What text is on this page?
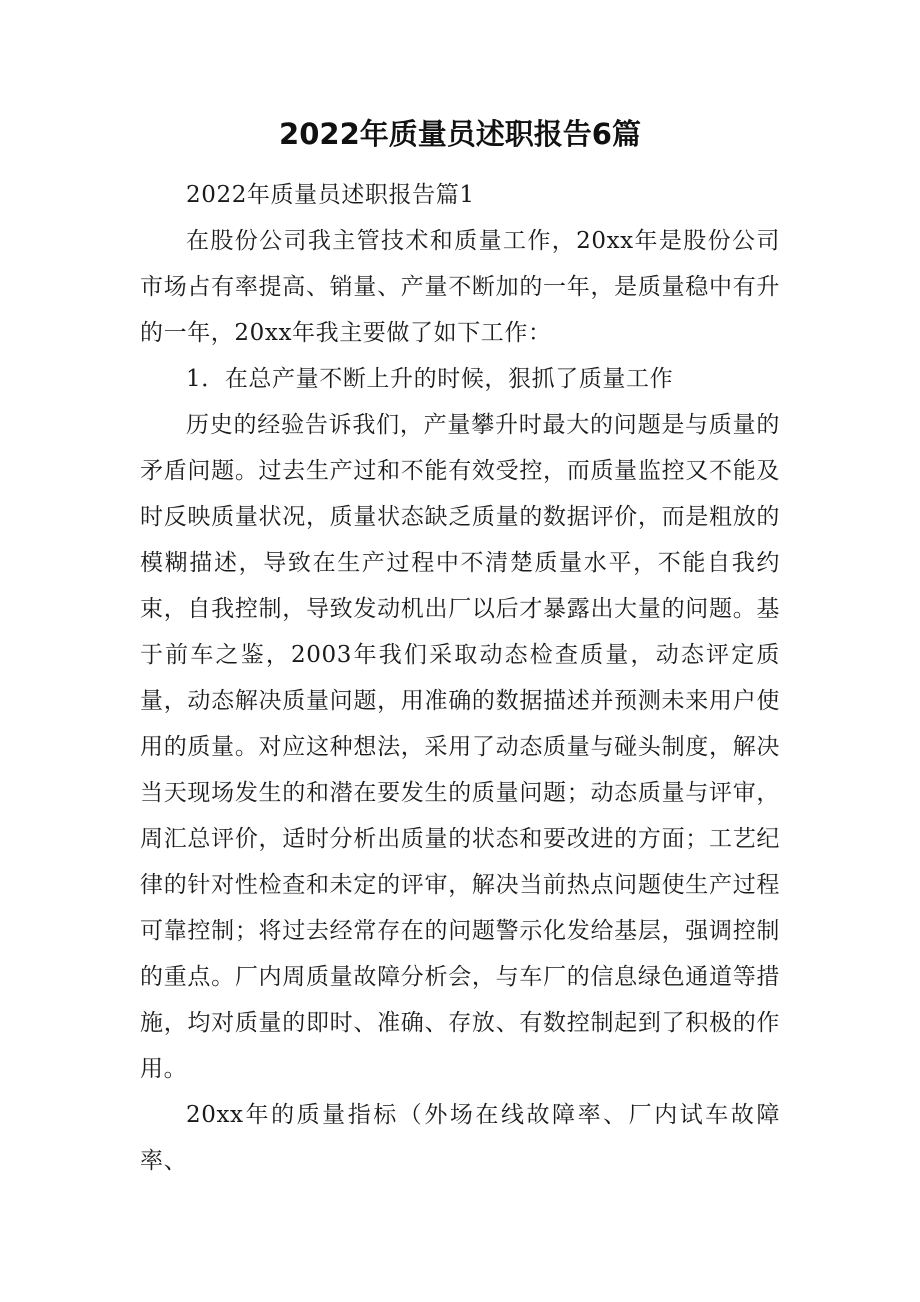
2022年质量员述职报告6篇

2022年质量员述职报告篇1

在股份公司我主管技术和质量工作，20xx年是股份公司市场占有率提高、销量、产量不断加的一年，是质量稳中有升的一年，20xx年我主要做了如下工作：

1．在总产量不断上升的时候，狠抓了质量工作

历史的经验告诉我们，产量攀升时最大的问题是与质量的矛盾问题。过去生产过和不能有效受控，而质量监控又不能及时反映质量状况，质量状态缺乏质量的数据评价，而是粗放的模糊描述，导致在生产过程中不清楚质量水平，不能自我约束，自我控制，导致发动机出厂以后才暴露出大量的问题。基于前车之鉴，2003年我们采取动态检查质量，动态评定质量，动态解决质量问题，用准确的数据描述并预测未来用户使用的质量。对应这种想法，采用了动态质量与碰头制度，解决当天现场发生的和潜在要发生的质量问题；动态质量与评审，周汇总评价，适时分析出质量的状态和要改进的方面；工艺纪律的针对性检查和未定的评审，解决当前热点问题使生产过程可靠控制；将过去经常存在的问题警示化发给基层，强调控制的重点。厂内周质量故障分析会，与车厂的信息绿色通道等措施，均对质量的即时、准确、存放、有数控制起到了积极的作用。

20xx年的质量指标（外场在线故障率、厂内试车故障率、
